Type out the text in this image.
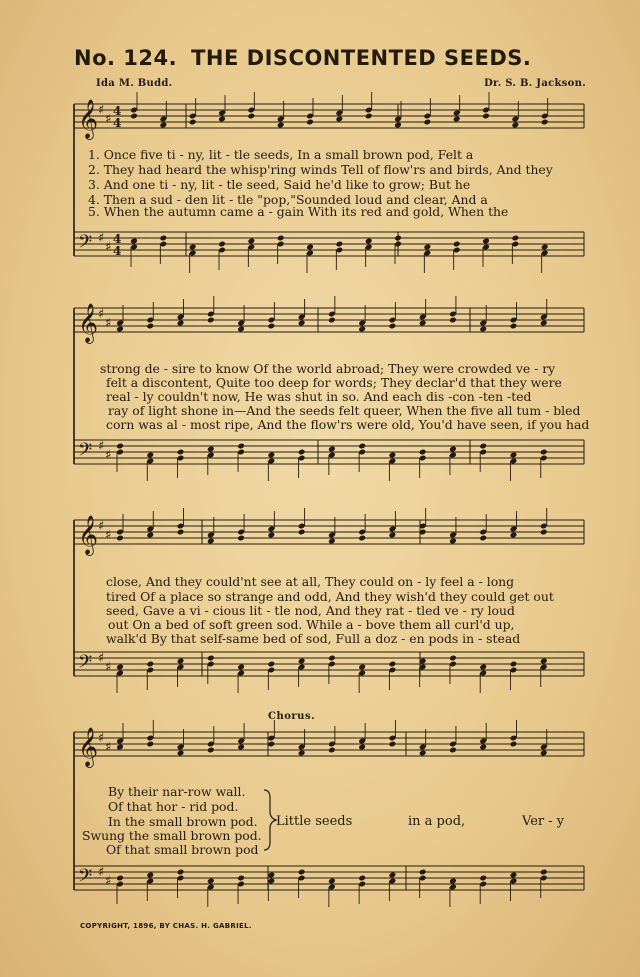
No. 124. THE DISCONTENTED SEEDS.
Ida M. Budd.	Dr. S. B. Jackson.
𝄞 ♯
♯
4
4
𝄢 ♯
♯
4
4
𝄞 ♯
♯
𝄢 ♯
♯
𝄞 ♯
♯
𝄢 ♯
♯
𝄞 ♯
♯
𝄢 ♯
♯
1. Once five ti - ny, lit - tle seeds, In a small brown pod, Felt a
2. They had heard the whisp'ring winds Tell of flow'rs and birds, And they
3. And one ti - ny, lit - tle seed, Said he'd like to grow; But he
4. Then a sud - den lit - tle "pop,"Sounded loud and clear, And a
5. When the autumn came a - gain With its red and gold, When the
strong de - sire to know Of the world abroad; They were crowded ve - ry
felt a discontent, Quite too deep for words; They declar'd that they were
real - ly couldn't now, He was shut in so. And each dis -con -ten -ted
ray of light shone in—And the seeds felt queer, When the five all tum - bled
corn was al - most ripe, And the flow'rs were old, You'd have seen, if you had
close, And they could'nt see at all, They could on - ly feel a - long
tired Of a place so strange and odd, And they wish'd they could get out
seed, Gave a vi - cious lit - tle nod, And they rat - tled ve - ry loud
out On a bed of soft green sod. While a - bove them all curl'd up,
walk'd By that self-same bed of sod, Full a doz - en pods in - stead
By their nar-row wall.
Of that hor - rid pod.
In the small brown pod.
Swung the small brown pod.
Of that small brown pod
Chorus.
Little seeds	in a pod,	Ver - y
COPYRIGHT, 1896, BY CHAS. H. GABRIEL.
